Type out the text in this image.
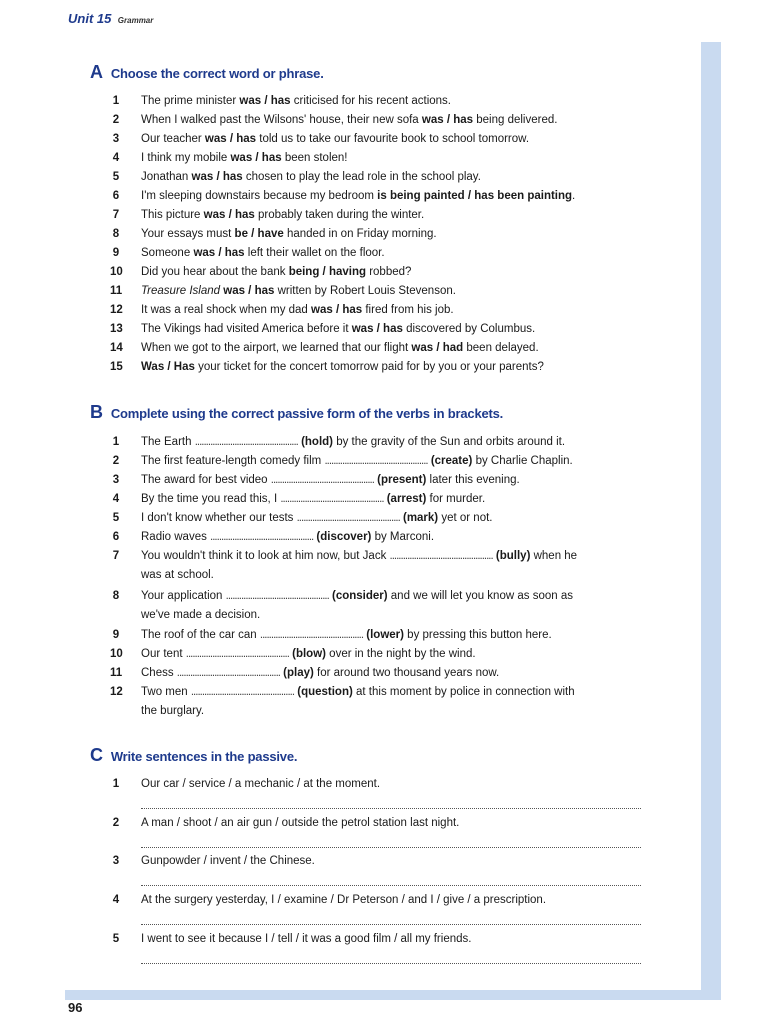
Unit 15 Grammar
A Choose the correct word or phrase.
1 The prime minister was / has criticised for his recent actions.
2 When I walked past the Wilsons' house, their new sofa was / has being delivered.
3 Our teacher was / has told us to take our favourite book to school tomorrow.
4 I think my mobile was / has been stolen!
5 Jonathan was / has chosen to play the lead role in the school play.
6 I'm sleeping downstairs because my bedroom is being painted / has been painting.
7 This picture was / has probably taken during the winter.
8 Your essays must be / have handed in on Friday morning.
9 Someone was / has left their wallet on the floor.
10 Did you hear about the bank being / having robbed?
11 Treasure Island was / has written by Robert Louis Stevenson.
12 It was a real shock when my dad was / has fired from his job.
13 The Vikings had visited America before it was / has discovered by Columbus.
14 When we got to the airport, we learned that our flight was / had been delayed.
15 Was / Has your ticket for the concert tomorrow paid for by you or your parents?
B Complete using the correct passive form of the verbs in brackets.
1 The Earth ............................................... (hold) by the gravity of the Sun and orbits around it.
2 The first feature-length comedy film ............................................... (create) by Charlie Chaplin.
3 The award for best video ............................................... (present) later this evening.
4 By the time you read this, I ............................................... (arrest) for murder.
5 I don't know whether our tests ............................................... (mark) yet or not.
6 Radio waves ............................................... (discover) by Marconi.
7 You wouldn't think it to look at him now, but Jack ............................................... (bully) when he
was at school.
8 Your application ............................................... (consider) and we will let you know as soon as
we've made a decision.
9 The roof of the car can ............................................... (lower) by pressing this button here.
10 Our tent ............................................... (blow) over in the night by the wind.
11 Chess ............................................... (play) for around two thousand years now.
12 Two men ............................................... (question) at this moment by police in connection with
the burglary.
C Write sentences in the passive.
1 Our car / service / a mechanic / at the moment.
2 A man / shoot / an air gun / outside the petrol station last night.
3 Gunpowder / invent / the Chinese.
4 At the surgery yesterday, I / examine / Dr Peterson / and I / give / a prescription.
5 I went to see it because I / tell / it was a good film / all my friends.
96
